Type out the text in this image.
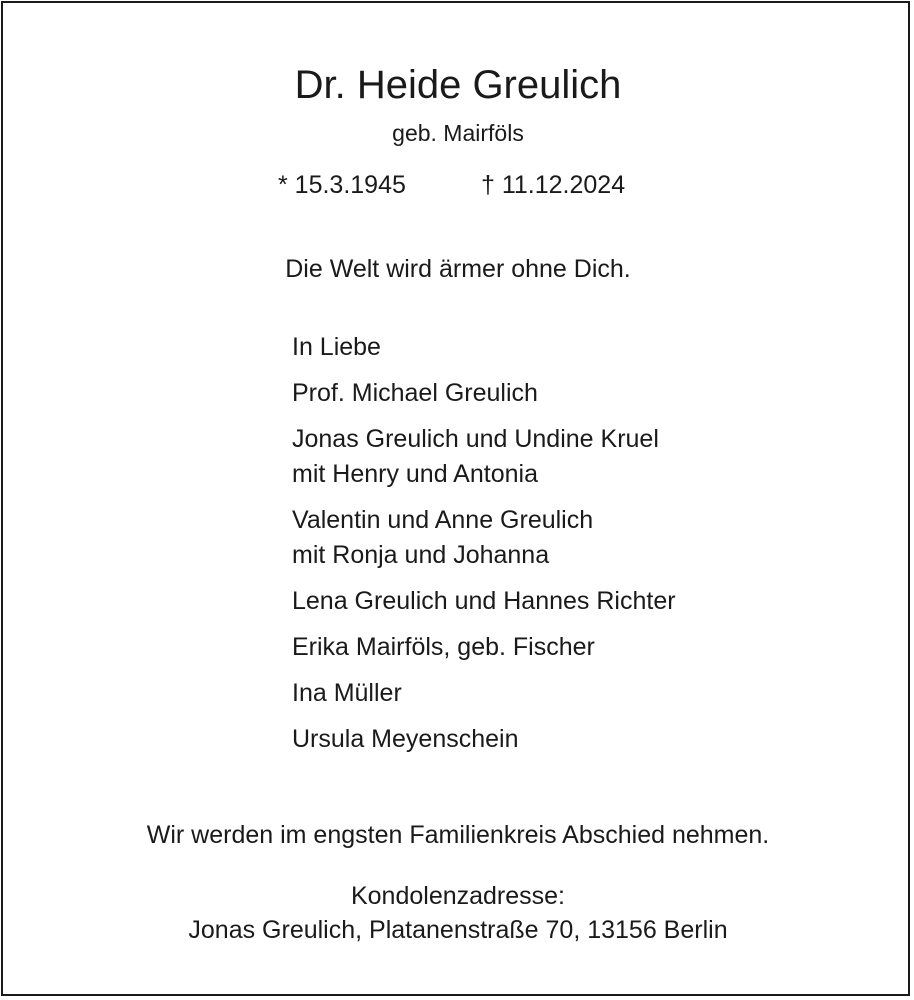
Dr. Heide Greulich
geb. Mairföls
* 15.3.1945	† 11.12.2024
Die Welt wird ärmer ohne Dich.
In Liebe
Prof. Michael Greulich
Jonas Greulich und Undine Kruel
mit Henry und Antonia
Valentin und Anne Greulich
mit Ronja und Johanna
Lena Greulich und Hannes Richter
Erika Mairföls, geb. Fischer
Ina Müller
Ursula Meyenschein
Wir werden im engsten Familienkreis Abschied nehmen.
Kondolenzadresse:
Jonas Greulich, Platanenstraße 70, 13156 Berlin
